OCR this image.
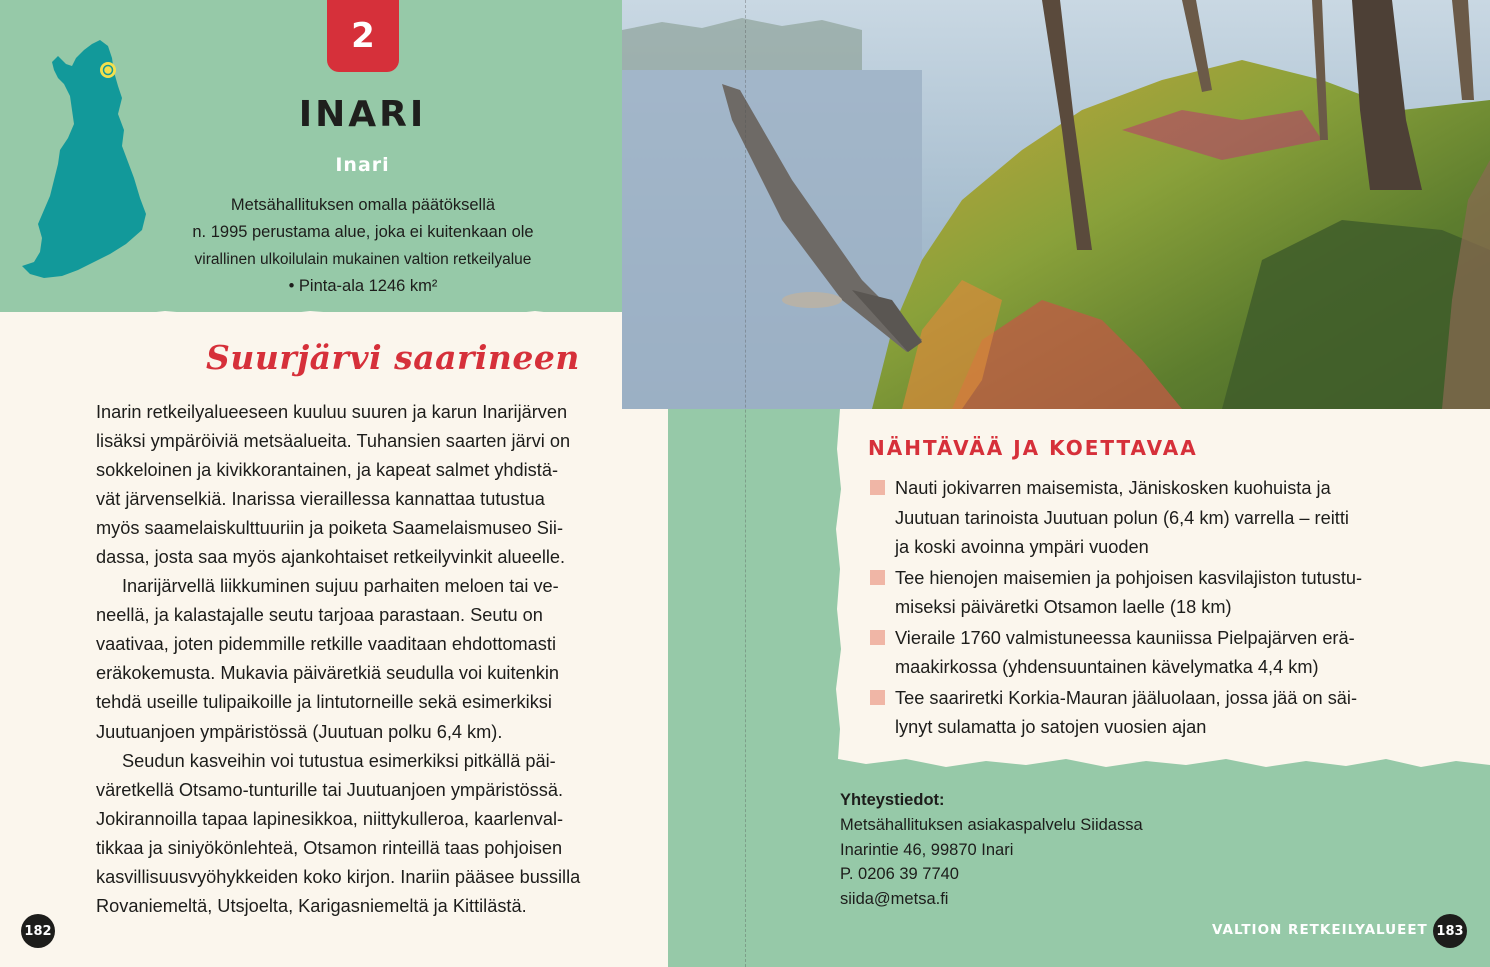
2
INARI
Inari
Metsähallituksen omalla päätöksellä
n. 1995 perustama alue, joka ei kuitenkaan ole
virallinen ulkoilulain mukainen valtion retkeilyalue
• Pinta-ala 1246 km²
Suurjärvi saarineen
Inarin retkeilyalueeseen kuuluu suuren ja karun Inarijärven
lisäksi ympäröiviä metsäalueita. Tuhansien saarten järvi on
sokkeloinen ja kivikkorantainen, ja kapeat salmet yhdistä-
vät järvenselkiä. Inarissa vieraillessa kannattaa tutustua
myös saamelaiskulttuuriin ja poiketa Saamelaismuseo Sii-
dassa, josta saa myös ajankohtaiset retkeilyvinkit alueelle.
Inarijärvellä liikkuminen sujuu parhaiten meloen tai ve-
neellä, ja kalastajalle seutu tarjoaa parastaan. Seutu on
vaativaa, joten pidemmille retkille vaaditaan ehdottomasti
eräkokemusta. Mukavia päiväretkiä seudulla voi kuitenkin
tehdä useille tulipaikoille ja lintutorneille sekä esimerkiksi
Juutuanjoen ympäristössä (Juutuan polku 6,4 km).
Seudun kasveihin voi tutustua esimerkiksi pitkällä päi-
väretkellä Otsamo-tunturille tai Juutuanjoen ympäristössä.
Jokirannoilla tapaa lapinesikkoa, niittykulleroa, kaarlenval-
tikkaa ja siniyökönlehteä, Otsamon rinteillä taas pohjoisen
kasvillisuusvyöhykkeiden koko kirjon. Inariin pääsee bussilla
Rovaniemeltä, Utsjoelta, Karigasniemeltä ja Kittilästä.
NÄHTÄVÄÄ JA KOETTAVAA
Nauti jokivarren maisemista, Jäniskosken kuohuista ja
Juutuan tarinoista Juutuan polun (6,4 km) varrella – reitti
ja koski avoinna ympäri vuoden
Tee hienojen maisemien ja pohjoisen kasvilajiston tutustu-
miseksi päiväretki Otsamon laelle (18 km)
Vieraile 1760 valmistuneessa kauniissa Pielpajärven erä-
maakirkossa (yhdensuuntainen kävelymatka 4,4 km)
Tee saariretki Korkia-Mauran jääluolaan, jossa jää on säi-
lynyt sulamatta jo satojen vuosien ajan
Yhteystiedot:
Metsähallituksen asiakaspalvelu Siidassa
Inarintie 46, 99870 Inari
P. 0206 39 7740
siida@metsa.fi
182	VALTION RETKEILYALUEET 183
